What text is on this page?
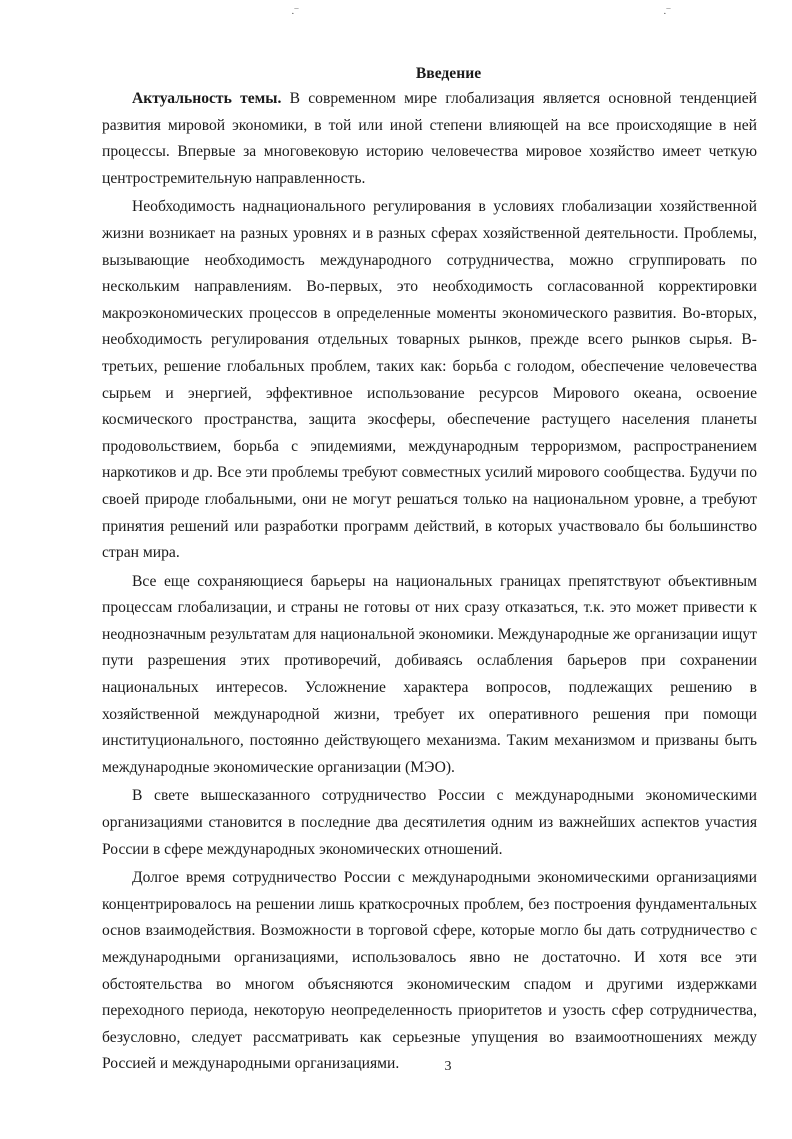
·‾	·‾
Введение

Актуальность темы. В современном мире глобализация является основной тенденцией развития мировой экономики, в той или иной степени влияющей на все происходящие в ней процессы. Впервые за многовековую историю человечества мировое хозяйство имеет четкую центростремительную направленность.

Необходимость наднационального регулирования в условиях глобализации хозяйственной жизни возникает на разных уровнях и в разных сферах хозяйственной деятельности. Проблемы, вызывающие необходимость международного сотрудничества, можно сгруппировать по нескольким направлениям. Во-первых, это необходимость согласованной корректировки макроэкономических процессов в определенные моменты экономического развития. Во-вторых, необходимость регулирования отдельных товарных рынков, прежде всего рынков сырья. В-третьих, решение глобальных проблем, таких как: борьба с голодом, обеспечение человечества сырьем и энергией, эффективное использование ресурсов Мирового океана, освоение космического пространства, защита экосферы, обеспечение растущего населения планеты продовольствием, борьба с эпидемиями, международным терроризмом, распространением наркотиков и др. Все эти проблемы требуют совместных усилий мирового сообщества. Будучи по своей природе глобальными, они не могут решаться только на национальном уровне, а требуют принятия решений или разработки программ действий, в которых участвовало бы большинство стран мира.

Все еще сохраняющиеся барьеры на национальных границах препятствуют объективным процессам глобализации, и страны не готовы от них сразу отказаться, т.к. это может привести к неоднозначным результатам для национальной экономики. Международные же организации ищут пути разрешения этих противоречий, добиваясь ослабления барьеров при сохранении национальных интересов. Усложнение характера вопросов, подлежащих решению в хозяйственной международной жизни, требует их оперативного решения при помощи институционального, постоянно действующего механизма. Таким механизмом и призваны быть международные экономические организации (МЭО).

В свете вышесказанного сотрудничество России с международными экономическими организациями становится в последние два десятилетия одним из важнейших аспектов участия России в сфере международных экономических отношений.

Долгое время сотрудничество России с международными экономическими организациями концентрировалось на решении лишь краткосрочных проблем, без построения фундаментальных основ взаимодействия. Возможности в торговой сфере, которые могло бы дать сотрудничество с международными организациями, использовалось явно не достаточно. И хотя все эти обстоятельства во многом объясняются экономическим спадом и другими издержками переходного периода, некоторую неопределенность приоритетов и узость сфер сотрудничества, безусловно, следует рассматривать как серьезные упущения во взаимоотношениях между Россией и международными организациями.	3
